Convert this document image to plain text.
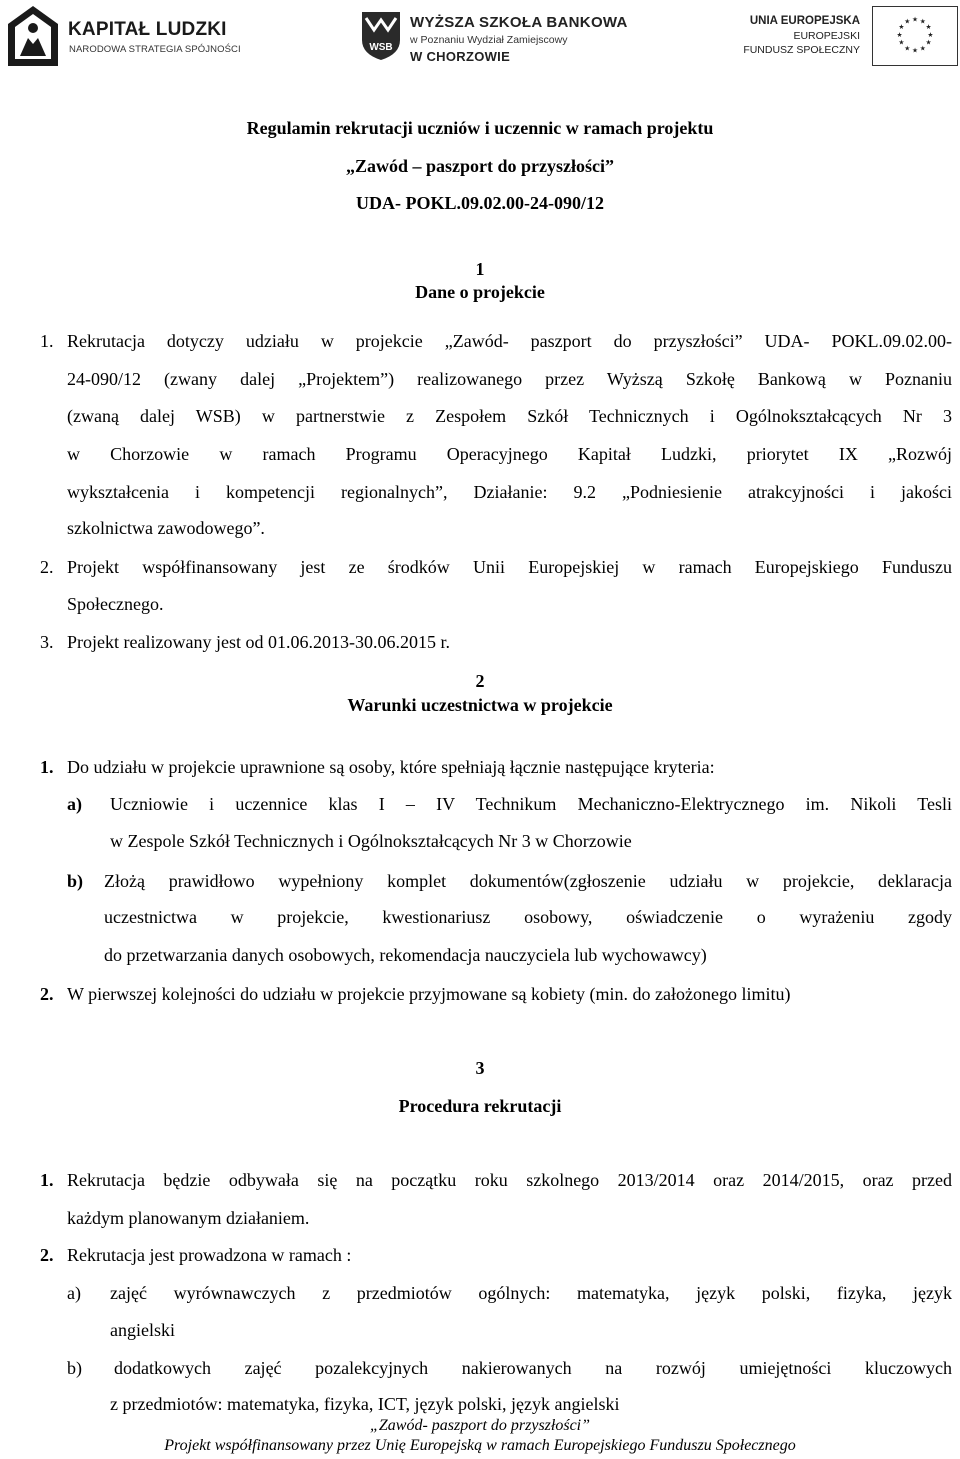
KAPITAŁ LUDZKI
NARODOWA STRATEGIA SPÓJNOŚCI	WSB
WYŻSZA SZKOŁA BANKOWA
w Poznaniu Wydział Zamiejscowy
W CHORZOWIE
UNIA EUROPEJSKA
EUROPEJSKI
FUNDUSZ SPOŁECZNY
★ ★
★
★
★
★
★
★
★
★
★
★
Regulamin rekrutacji uczniów i uczennic w ramach projektu
„Zawód – paszport do przyszłości”
UDA- POKL.09.02.00-24-090/12
1
Dane o projekcie
1. Rekrutacja dotyczy udziału w projekcie „Zawód- paszport do przyszłości” UDA- POKL.09.02.00-
24-090/12 (zwany dalej „Projektem”) realizowanego przez Wyższą Szkołę Bankową w Poznaniu
(zwaną dalej WSB) w partnerstwie z Zespołem Szkół Technicznych i Ogólnokształcących Nr 3
w Chorzowie w ramach Programu Operacyjnego Kapitał Ludzki, priorytet IX „Rozwój
wykształcenia i kompetencji regionalnych”, Działanie: 9.2 „Podniesienie atrakcyjności i jakości
szkolnictwa zawodowego”.
2. Projekt współfinansowany jest ze środków Unii Europejskiej w ramach Europejskiego Funduszu
Społecznego.
3. Projekt realizowany jest od 01.06.2013-30.06.2015 r.
2
Warunki uczestnictwa w projekcie
1. Do udziału w projekcie uprawnione są osoby, które spełniają łącznie następujące kryteria:
a) Uczniowie i uczennice klas I – IV Technikum Mechaniczno-Elektrycznego im. Nikoli Tesli
w Zespole Szkół Technicznych i Ogólnokształcących Nr 3 w Chorzowie
b) Złożą prawidłowo wypełniony komplet dokumentów(zgłoszenie udziału w projekcie, deklaracja
uczestnictwa w projekcie, kwestionariusz osobowy, oświadczenie o wyrażeniu zgody
do przetwarzania danych osobowych, rekomendacja nauczyciela lub wychowawcy)
2. W pierwszej kolejności do udziału w projekcie przyjmowane są kobiety (min. do założonego limitu)
3
Procedura rekrutacji
1. Rekrutacja będzie odbywała się na początku roku szkolnego 2013/2014 oraz 2014/2015, oraz przed
każdym planowanym działaniem.
2. Rekrutacja jest prowadzona w ramach :
a) zajęć wyrównawczych z przedmiotów ogólnych: matematyka, język polski, fizyka, język
angielski
b) dodatkowych zajęć pozalekcyjnych nakierowanych na rozwój umiejętności kluczowych
z przedmiotów: matematyka, fizyka, ICT, język polski, język angielski
„Zawód- paszport do przyszłości”
Projekt współfinansowany przez Unię Europejską w ramach Europejskiego Funduszu Społecznego
